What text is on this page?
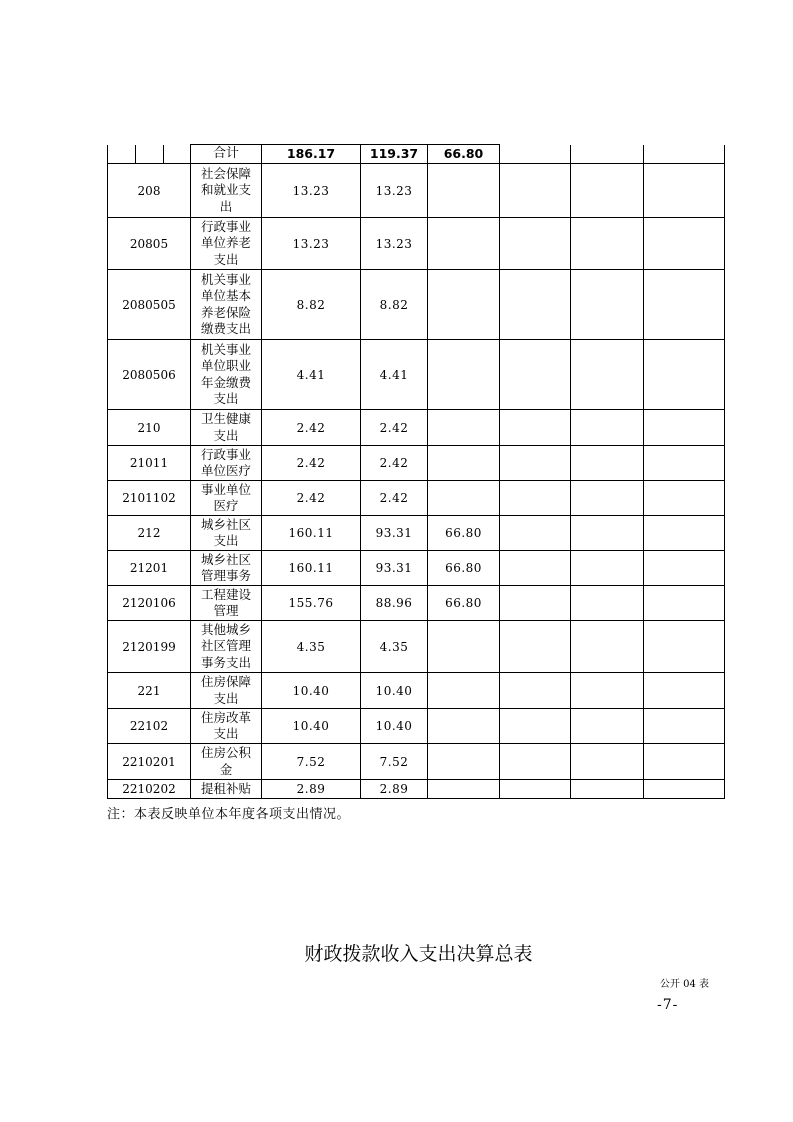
			合计	186.17	119.37	66.80			
208			社会保障
和就业支
出	13.23	13.23				
20805			行政事业
单位养老
支出	13.23	13.23				
2080505			机关事业
单位基本
养老保险
缴费支出	8.82	8.82				
2080506			机关事业
单位职业
年金缴费
支出	4.41	4.41				
210			卫生健康
支出	2.42	2.42				
21011			行政事业
单位医疗	2.42	2.42				
2101102			事业单位
医疗	2.42	2.42				
212			城乡社区
支出	160.11	93.31	66.80			
21201			城乡社区
管理事务	160.11	93.31	66.80			
2120106			工程建设
管理	155.76	88.96	66.80			
2120199			其他城乡
社区管理
事务支出	4.35	4.35				
221			住房保障
支出	10.40	10.40				
22102			住房改革
支出	10.40	10.40				
2210201			住房公积
金	7.52	7.52				
2210202			提租补贴	2.89	2.89				
注：本表反映单位本年度各项支出情况。
财政拨款收入支出决算总表
公开 04 表
-7-
